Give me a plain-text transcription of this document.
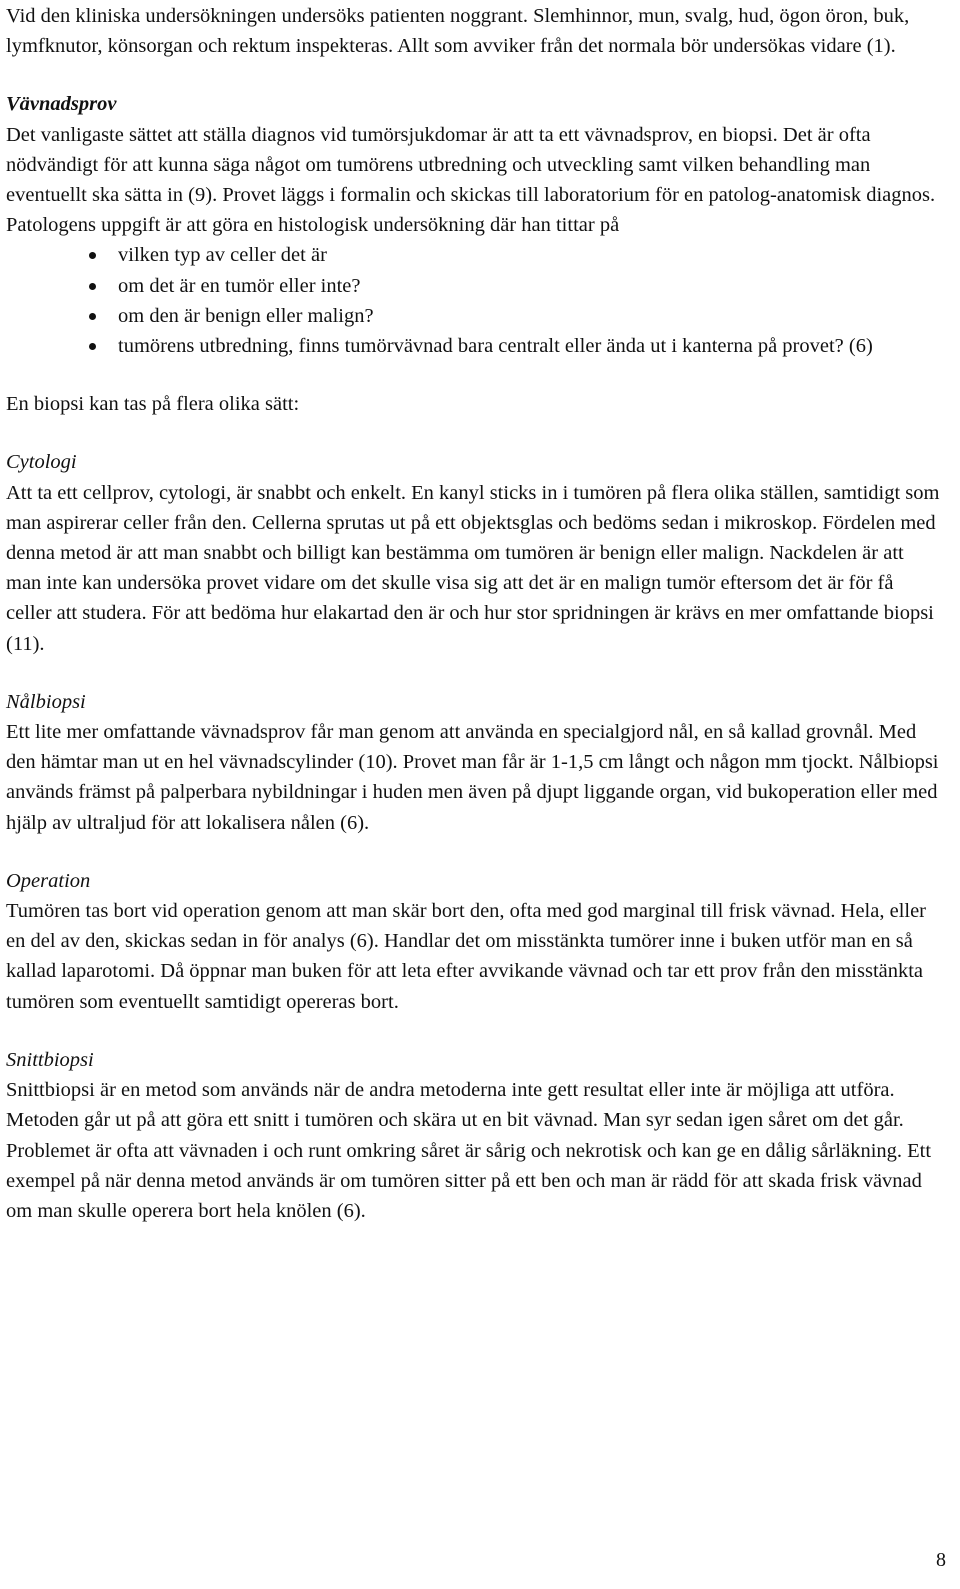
Vid den kliniska undersökningen undersöks patienten noggrant. Slemhinnor, mun, svalg, hud, ögon öron, buk, lymfknutor, könsorgan och rektum inspekteras. Allt som avviker från det normala bör undersökas vidare (1).

Vävnadsprov

Det vanligaste sättet att ställa diagnos vid tumörsjukdomar är att ta ett vävnadsprov, en biopsi. Det är ofta nödvändigt för att kunna säga något om tumörens utbredning och utveckling samt vilken behandling man eventuellt ska sätta in (9). Provet läggs i formalin och skickas till laboratorium för en patolog-anatomisk diagnos. Patologens uppgift är att göra en histologisk undersökning där han tittar på

vilken typ av celler det är
om det är en tumör eller inte?
om den är benign eller malign?
tumörens utbredning, finns tumörvävnad bara centralt eller ända ut i kanterna på provet? (6)

En biopsi kan tas på flera olika sätt:

Cytologi

Att ta ett cellprov, cytologi, är snabbt och enkelt. En kanyl sticks in i tumören på flera olika ställen, samtidigt som man aspirerar celler från den. Cellerna sprutas ut på ett objektsglas och bedöms sedan i mikroskop. Fördelen med denna metod är att man snabbt och billigt kan bestämma om tumören är benign eller malign. Nackdelen är att man inte kan undersöka provet vidare om det skulle visa sig att det är en malign tumör eftersom det är för få celler att studera. För att bedöma hur elakartad den är och hur stor spridningen är krävs en mer omfattande biopsi (11).

Nålbiopsi

Ett lite mer omfattande vävnadsprov får man genom att använda en specialgjord nål, en så kallad grovnål. Med den hämtar man ut en hel vävnadscylinder (10). Provet man får är 1-1,5 cm långt och någon mm tjockt. Nålbiopsi används främst på palperbara nybildningar i huden men även på djupt liggande organ, vid bukoperation eller med hjälp av ultraljud för att lokalisera nålen (6).

Operation

Tumören tas bort vid operation genom att man skär bort den, ofta med god marginal till frisk vävnad. Hela, eller en del av den, skickas sedan in för analys (6). Handlar det om misstänkta tumörer inne i buken utför man en så kallad laparotomi. Då öppnar man buken för att leta efter avvikande vävnad och tar ett prov från den misstänkta tumören som eventuellt samtidigt opereras bort.

Snittbiopsi

Snittbiopsi är en metod som används när de andra metoderna inte gett resultat eller inte är möjliga att utföra. Metoden går ut på att göra ett snitt i tumören och skära ut en bit vävnad. Man syr sedan igen såret om det går. Problemet är ofta att vävnaden i och runt omkring såret är sårig och nekrotisk och kan ge en dålig sårläkning. Ett exempel på när denna metod används är om tumören sitter på ett ben och man är rädd för att skada frisk vävnad om man skulle operera bort hela knölen (6).

8
